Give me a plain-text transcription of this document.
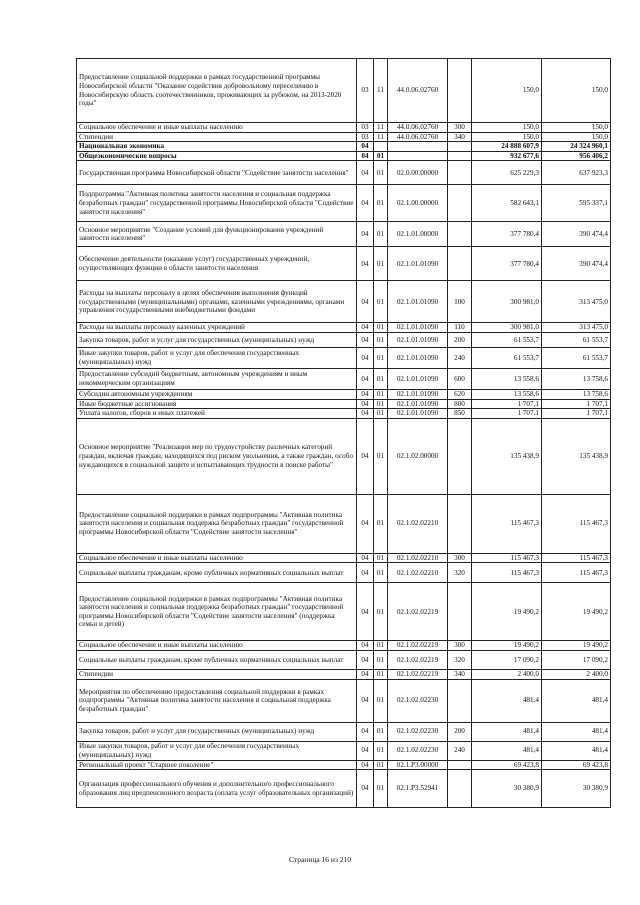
Предоставление социальной поддержки в рамках государственной программы Новосибирской области "Оказание содействия добровольному переселению в Новосибирскую область соотечественников, проживающих за рубежом, на 2013-2020 годы"	03	11	44.0.06.02760		150,0	150,0
Социальное обеспечение и иные выплаты населению	03	11	44.0.06.02760	300	150,0	150,0
Стипендии	03	11	44.0.06.02760	340	150,0	150,0
Национальная экономика	04				24 888 607,9	24 324 960,1
Общеэкономические вопросы	04	01			932 677,6	956 406,2
Государственная программа Новосибирской области "Содействие занятости населения"	04	01	02.0.00.00000		625 229,3	637 923,3
Подпрограмма "Активная политика занятости населения и социальная поддержка безработных граждан" государственной программы Новосибирской области "Содействие занятости населения"	04	01	02.1.00.00000		582 643,1	595 337,1
Основное мероприятие "Создание условий для функционирования учреждений занятости населения"	04	01	02.1.01.00000		377 780,4	390 474,4
Обеспечение деятельности (оказание услуг) государственных учреждений, осуществляющих функции в области занятости населения	04	01	02.1.01.01090		377 780,4	390 474,4
Расходы на выплаты персоналу в целях обеспечения выполнения функций государственными (муниципальными) органами, казенными учреждениями, органами управления государственными внебюджетными фондами	04	01	02.1.01.01090	100	300 981,0	313 475,0
Расходы на выплаты персоналу казенных учреждений	04	01	02.1.01.01090	110	300 981,0	313 475,0
Закупка товаров, работ и услуг для государственных (муниципальных) нужд	04	01	02.1.01.01090	200	61 553,7	61 553,7
Иные закупки товаров, работ и услуг для обеспечения государственных (муниципальных) нужд	04	01	02.1.01.01090	240	61 553,7	61 553,7
Предоставление субсидий бюджетным, автономным учреждениям и иным некоммерческим организациям	04	01	02.1.01.01090	600	13 558,6	13 758,6
Субсидии автономным учреждениям	04	01	02.1.01.01090	620	13 558,6	13 758,6
Иные бюджетные ассигнования	04	01	02.1.01.01090	800	1 707,1	1 707,1
Уплата налогов, сборов и иных платежей	04	01	02.1.01.01090	850	1 707,1	1 707,1
Основное мероприятие "Реализация мер по трудоустройству различных категорий граждан, включая граждан, находящихся под риском увольнения, а также граждан, особо нуждающихся в социальной защите и испытывающих трудности в поиске работы"	04	01	02.1.02.00000		135 438,9	135 438,9
Предоставление социальной поддержки в рамках подпрограммы "Активная политика занятости населения и социальная поддержка безработных граждан" государственной программы Новосибирской области "Содействие занятости населения"	04	01	02.1.02.02210		115 467,3	115 467,3
Социальное обеспечение и иные выплаты населению	04	01	02.1.02.02210	300	115 467,3	115 467,3
Социальные выплаты гражданам, кроме публичных нормативных социальных выплат	04	01	02.1.02.02210	320	115 467,3	115 467,3
Предоставление социальной поддержки в рамках подпрограммы "Активная политика занятости населения и социальная поддержка безработных граждан" государственной программы Новосибирской области "Содействие занятости населения" (поддержка семьи и детей)	04	01	02.1.02.02219		19 490,2	19 490,2
Социальное обеспечение и иные выплаты населению	04	01	02.1.02.02219	300	19 490,2	19 490,2
Социальные выплаты гражданам, кроме публичных нормативных социальных выплат	04	01	02.1.02.02219	320	17 090,2	17 090,2
Стипендии	04	01	02.1.02.02219	340	2 400,0	2 400,0
Мероприятия по обеспечению предоставления социальной поддержки в рамках подпрограммы "Активная политика занятости населения и социальная поддержка безработных граждан"	04	01	02.1.02.02230		481,4	481,4
Закупка товаров, работ и услуг для государственных (муниципальных) нужд	04	01	02.1.02.02230	200	481,4	481,4
Иные закупки товаров, работ и услуг для обеспечения государственных (муниципальных) нужд	04	01	02.1.02.02230	240	481,4	481,4
Региональный проект "Старшее поколение"	04	01	02.1.P3.00000		69 423,8	69 423,8
Организация профессионального обучения и дополнительного профессионального образования лиц предпенсионного возраста (оплата услуг образовательных организаций)	04	01	02.1.P3.52941		30 380,9	30 380,9
Страница 16 из 210
